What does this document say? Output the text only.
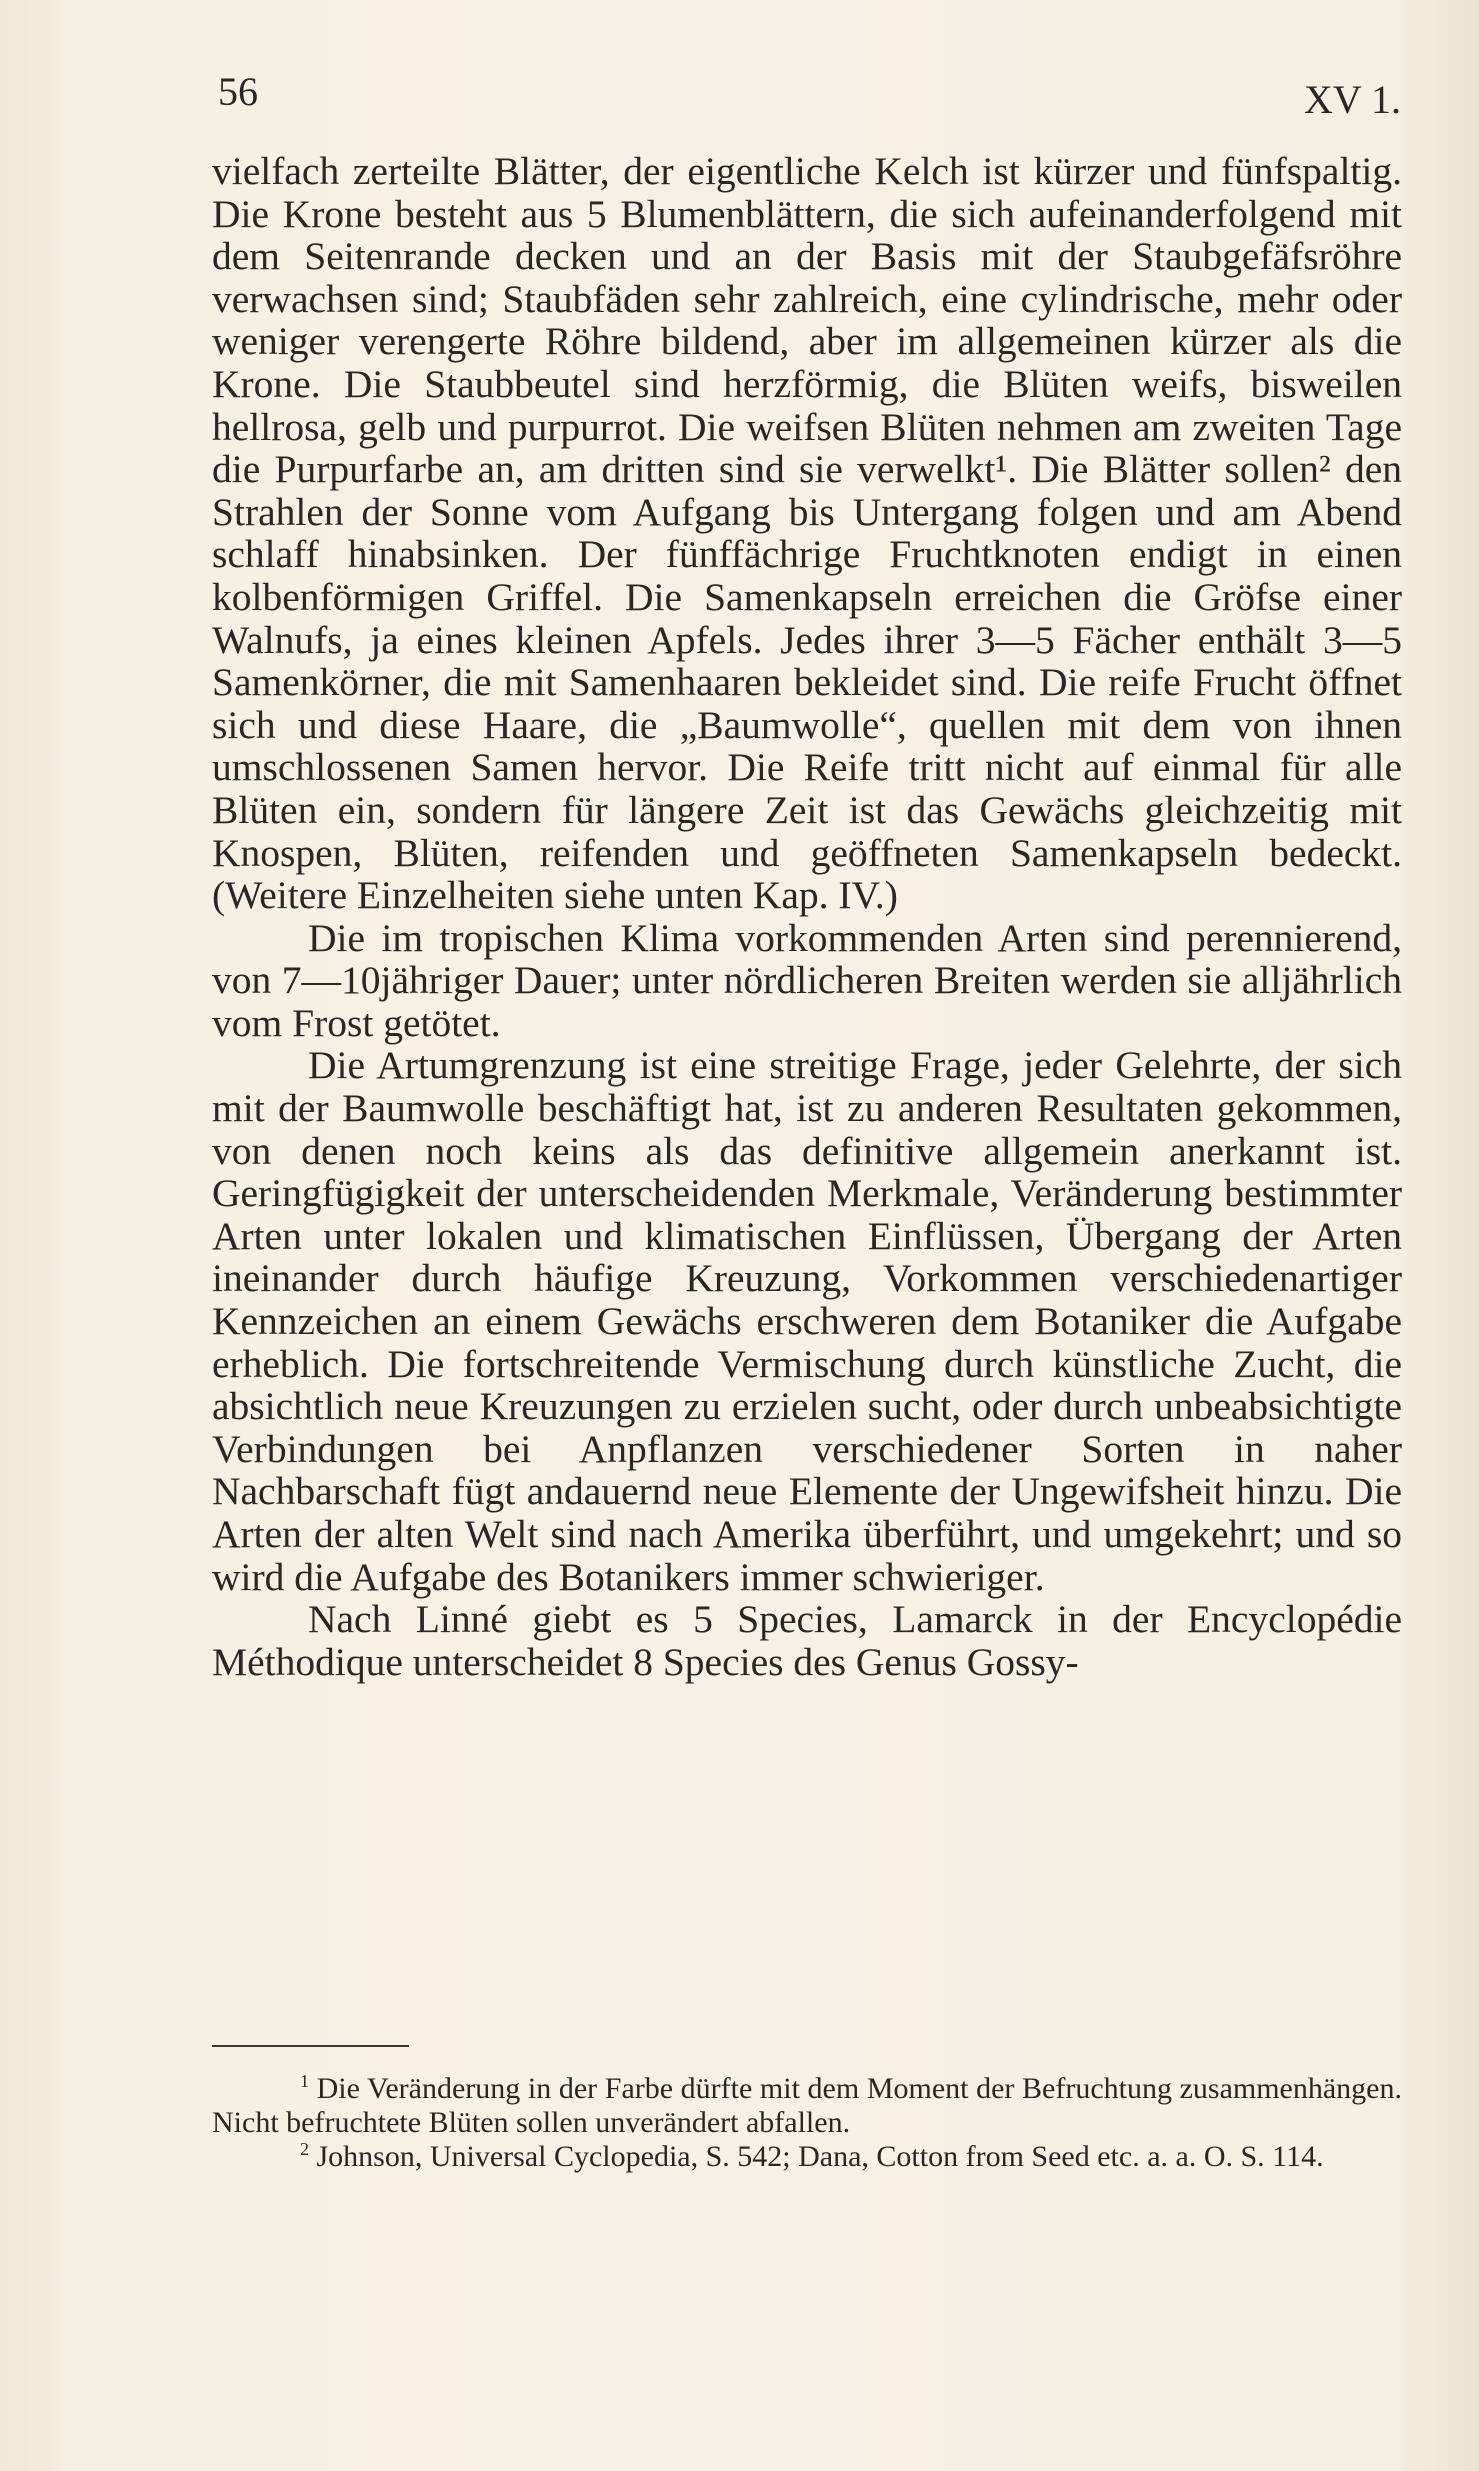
56	XV 1.

vielfach zerteilte Blätter, der eigentliche Kelch ist kürzer und fünfspaltig. Die Krone besteht aus 5 Blumenblättern, die sich aufeinanderfolgend mit dem Seitenrande decken und an der Basis mit der Staubgefäfsröhre verwachsen sind; Staubfäden sehr zahlreich, eine cylindrische, mehr oder weniger verengerte Röhre bildend, aber im allgemeinen kürzer als die Krone. Die Staubbeutel sind herzförmig, die Blüten weifs, bisweilen hellrosa, gelb und purpurrot. Die weifsen Blüten nehmen am zweiten Tage die Purpurfarbe an, am dritten sind sie verwelkt¹. Die Blätter sollen² den Strahlen der Sonne vom Aufgang bis Untergang folgen und am Abend schlaff hinabsinken. Der fünffächrige Fruchtknoten endigt in einen kolbenförmigen Griffel. Die Samenkapseln erreichen die Gröfse einer Walnufs, ja eines kleinen Apfels. Jedes ihrer 3—5 Fächer enthält 3—5 Samenkörner, die mit Samenhaaren bekleidet sind. Die reife Frucht öffnet sich und diese Haare, die „Baumwolle“, quellen mit dem von ihnen umschlossenen Samen hervor. Die Reife tritt nicht auf einmal für alle Blüten ein, sondern für längere Zeit ist das Gewächs gleichzeitig mit Knospen, Blüten, reifenden und geöffneten Samenkapseln bedeckt. (Weitere Einzelheiten siehe unten Kap. IV.)

Die im tropischen Klima vorkommenden Arten sind perennierend, von 7—10jähriger Dauer; unter nördlicheren Breiten werden sie alljährlich vom Frost getötet.

Die Artumgrenzung ist eine streitige Frage, jeder Gelehrte, der sich mit der Baumwolle beschäftigt hat, ist zu anderen Resultaten gekommen, von denen noch keins als das definitive allgemein anerkannt ist. Geringfügigkeit der unterscheidenden Merkmale, Veränderung bestimmter Arten unter lokalen und klimatischen Einflüssen, Übergang der Arten ineinander durch häufige Kreuzung, Vorkommen verschiedenartiger Kennzeichen an einem Gewächs erschweren dem Botaniker die Aufgabe erheblich. Die fortschreitende Vermischung durch künstliche Zucht, die absichtlich neue Kreuzungen zu erzielen sucht, oder durch unbeabsichtigte Verbindungen bei Anpflanzen verschiedener Sorten in naher Nachbarschaft fügt andauernd neue Elemente der Ungewifsheit hinzu. Die Arten der alten Welt sind nach Amerika überführt, und umgekehrt; und so wird die Aufgabe des Botanikers immer schwieriger.

Nach Linné giebt es 5 Species, Lamarck in der Encyclopédie Méthodique unterscheidet 8 Species des Genus Gossy-

$^1$ Die Veränderung in der Farbe dürfte mit dem Moment der Befruchtung zusammenhängen. Nicht befruchtete Blüten sollen unverändert abfallen.

$^2$ Johnson, Universal Cyclopedia, S. 542; Dana, Cotton from Seed etc. a. a. O. S. 114.
